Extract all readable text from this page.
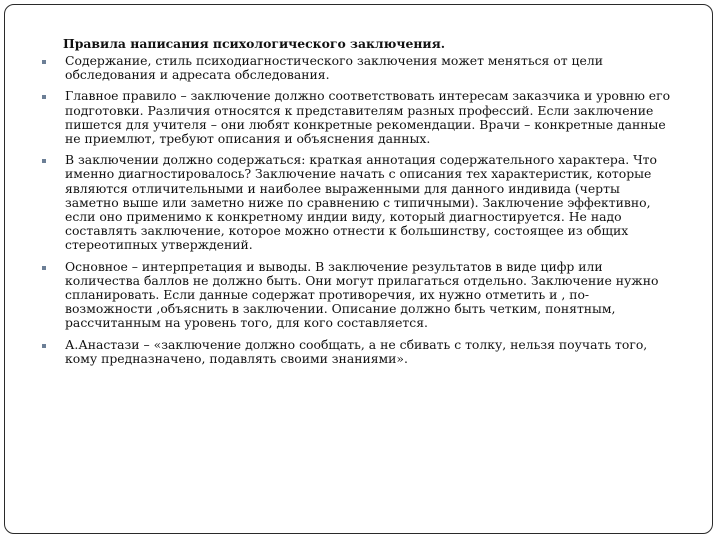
Правила написания психологического заключения.
Содержание, стиль психодиагностического заключения может меняться от цели обследования и адресата обследования.
Главное правило – заключение должно соответствовать интересам заказчика и уровню его подготовки. Различия относятся к представителям разных профессий. Если заключение пишется для учителя – они любят конкретные рекомендации. Врачи – конкретные данные не приемлют, требуют описания и объяснения данных.
В заключении должно содержаться: краткая аннотация содержательного характера. Что именно диагностировалось? Заключение начать с описания тех характеристик, которые являются отличительными и наиболее выраженными для данного индивида (черты заметно выше или заметно ниже по сравнению с типичными). Заключение эффективно, если оно применимо к конкретному индии виду, который диагностируется. Не надо составлять заключение, которое можно отнести к большинству, состоящее из общих стереотипных утверждений.
Основное – интерпретация и выводы. В заключение результатов в виде цифр или количества баллов не должно быть. Они могут прилагаться отдельно. Заключение нужно спланировать. Если данные содержат противоречия, их нужно отметить и , по-возможности ,объяснить в заключении. Описание должно быть четким, понятным, рассчитанным на уровень того, для кого составляется.
А.Анастази – «заключение должно сообщать, а не сбивать с толку, нельзя поучать того, кому предназначено, подавлять своими знаниями».
